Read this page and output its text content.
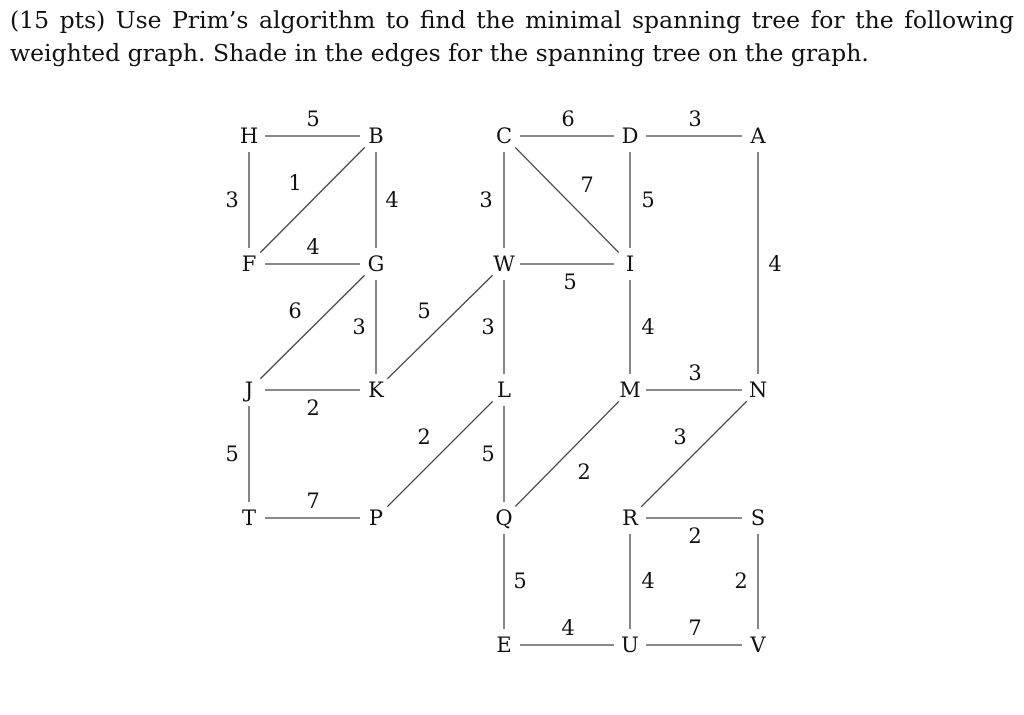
(15 pts) Use Prim’s algorithm to find the minimal spanning tree for the following weighted graph. Shade in the edges for the spanning tree on the graph.

5	6	3
3
1
4	3
7
5
4
4
5
6
3
5
3	4
2
3
5
2
5
2
3
7
2
5	4	2
4	7
H	B	C	D	A
F	G	W	I
J	K	L	M	N
T	P	Q	R	S
E	U	V
